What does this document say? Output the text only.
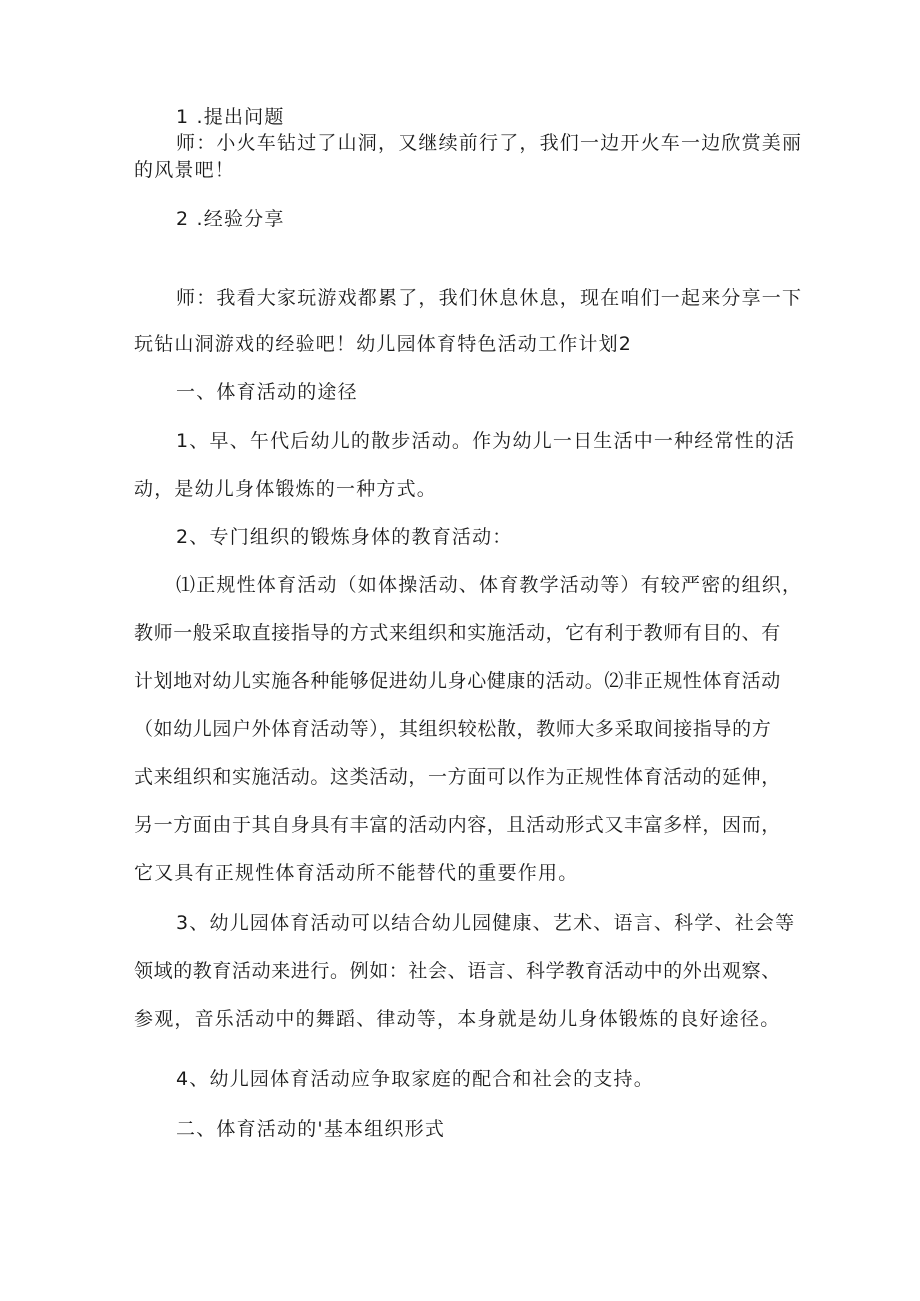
1 .提出问题
师：小火车钻过了山洞，又继续前行了，我们一边开火车一边欣赏美丽
的风景吧！
2 .经验分享
师：我看大家玩游戏都累了，我们休息休息，现在咱们一起来分享一下
玩钻山洞游戏的经验吧！幼儿园体育特色活动工作计划2
一、体育活动的途径
1、早、午代后幼儿的散步活动。作为幼儿一日生活中一种经常性的活
动，是幼儿身体锻炼的一种方式。
2、专门组织的锻炼身体的教育活动：
⑴正规性体育活动（如体操活动、体育教学活动等）有较严密的组织，
教师一般采取直接指导的方式来组织和实施活动，它有利于教师有目的、有
计划地对幼儿实施各种能够促进幼儿身心健康的活动。⑵非正规性体育活动
（如幼儿园户外体育活动等），其组织较松散，教师大多采取间接指导的方
式来组织和实施活动。这类活动，一方面可以作为正规性体育活动的延伸，
另一方面由于其自身具有丰富的活动内容，且活动形式又丰富多样，因而，
它又具有正规性体育活动所不能替代的重要作用。
3、幼儿园体育活动可以结合幼儿园健康、艺术、语言、科学、社会等
领域的教育活动来进行。例如：社会、语言、科学教育活动中的外出观察、
参观，音乐活动中的舞蹈、律动等，本身就是幼儿身体锻炼的良好途径。
4、幼儿园体育活动应争取家庭的配合和社会的支持。
二、体育活动的'基本组织形式
